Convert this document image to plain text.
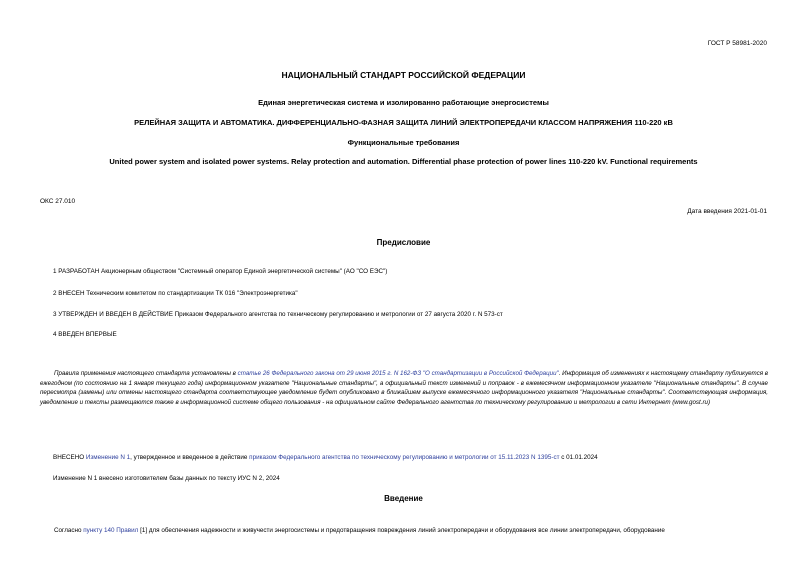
ГОСТ Р 58981-2020
НАЦИОНАЛЬНЫЙ СТАНДАРТ РОССИЙСКОЙ ФЕДЕРАЦИИ
Единая энергетическая система и изолированно работающие энергосистемы
РЕЛЕЙНАЯ ЗАЩИТА И АВТОМАТИКА. ДИФФЕРЕНЦИАЛЬНО-ФАЗНАЯ ЗАЩИТА ЛИНИЙ ЭЛЕКТРОПЕРЕДАЧИ КЛАССОМ НАПРЯЖЕНИЯ 110-220 кВ
Функциональные требования
United power system and isolated power systems. Relay protection and automation. Differential phase protection of power lines 110-220 kV. Functional requirements
ОКС 27.010
Дата введения 2021-01-01
Предисловие
1 РАЗРАБОТАН Акционерным обществом "Системный оператор Единой энергетической системы" (АО "СО ЕЭС")
2 ВНЕСЕН Техническим комитетом по стандартизации ТК 016 "Электроэнергетика"
3 УТВЕРЖДЕН И ВВЕДЕН В ДЕЙСТВИЕ Приказом Федерального агентства по техническому регулированию и метрологии от 27 августа 2020 г. N 573-ст
4 ВВЕДЕН ВПЕРВЫЕ
Правила применения настоящего стандарта установлены в статье 26 Федерального закона от 29 июня 2015 г. N 162-ФЗ "О стандартизации в Российской Федерации". Информация об изменениях к настоящему стандарту публикуется в ежегодном (по состоянию на 1 января текущего года) информационном указателе "Национальные стандарты", а официальный текст изменений и поправок - в ежемесячном информационном указателе "Национальные стандарты". В случае пересмотра (замены) или отмены настоящего стандарта соответствующее уведомление будет опубликовано в ближайшем выпуске ежемесячного информационного указателя "Национальные стандарты". Соответствующая информация, уведомление и тексты размещаются также в информационной системе общего пользования - на официальном сайте Федерального агентства по техническому регулированию и метрологии в сети Интернет (www.gost.ru)
ВНЕСЕНО Изменение N 1, утвержденное и введенное в действие приказом Федерального агентства по техническому регулированию и метрологии от 15.11.2023 N 1395-ст с 01.01.2024
Изменение N 1 внесено изготовителем базы данных по тексту ИУС N 2, 2024
Введение
Согласно пункту 140 Правил [1] для обеспечения надежности и живучести энергосистемы и предотвращения повреждения линий электропередачи и оборудования все линии электропередачи, оборудование
